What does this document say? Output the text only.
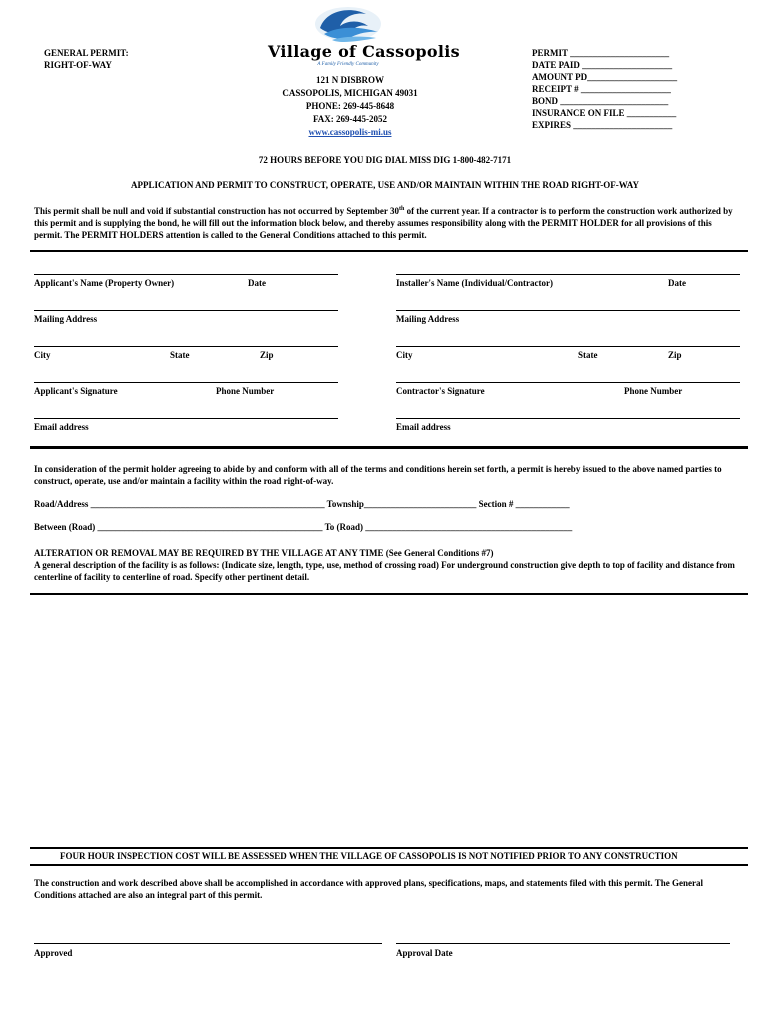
GENERAL PERMIT:
RIGHT-OF-WAY
Village of Cassopolis
A Family Friendly Community
121 N DISBROW
CASSOPOLIS, MICHIGAN 49031
PHONE: 269-445-8648
FAX: 269-445-2052
www.cassopolis-mi.us
PERMIT ______________________
DATE PAID ____________________
AMOUNT PD____________________
RECEIPT # ____________________
BOND ________________________
INSURANCE ON FILE ___________
EXPIRES ______________________
72 HOURS BEFORE YOU DIG DIAL MISS DIG 1-800-482-7171
APPLICATION AND PERMIT TO CONSTRUCT, OPERATE, USE AND/OR MAINTAIN WITHIN THE ROAD RIGHT-OF-WAY
This permit shall be null and void if substantial construction has not occurred by September 30th of the current year. If a contractor is to perform the construction work authorized by this permit and is supplying the bond, he will fill out the information block below, and thereby assumes responsibility along with the PERMIT HOLDER for all provisions of this permit. The PERMIT HOLDERS attention is called to the General Conditions attached to this permit.
Applicant's Name (Property Owner)	Date	Installer's Name (Individual/Contractor)	Date
Mailing Address	Mailing Address
City	State	Zip	City	State	Zip
Applicant's Signature	Phone Number	Contractor's Signature	Phone Number
Email address	Email address
In consideration of the permit holder agreeing to abide by and conform with all of the terms and conditions herein set forth, a permit is hereby issued to the above named parties to construct, operate, use and/or maintain a facility within the road right-of-way.
Road/Address ____________________________________________________ Township_________________________ Section # ____________
Between (Road) __________________________________________________ To (Road) ______________________________________________
ALTERATION OR REMOVAL MAY BE REQUIRED BY THE VILLAGE AT ANY TIME (See General Conditions #7)
A general description of the facility is as follows: (Indicate size, length, type, use, method of crossing road) For underground construction give depth to top of facility and distance from centerline of facility to centerline of road. Specify other pertinent detail.
FOUR HOUR INSPECTION COST WILL BE ASSESSED WHEN THE VILLAGE OF CASSOPOLIS IS NOT NOTIFIED PRIOR TO ANY CONSTRUCTION
The construction and work described above shall be accomplished in accordance with approved plans, specifications, maps, and statements filed with this permit. The General Conditions attached are also an integral part of this permit.
Approved	Approval Date
